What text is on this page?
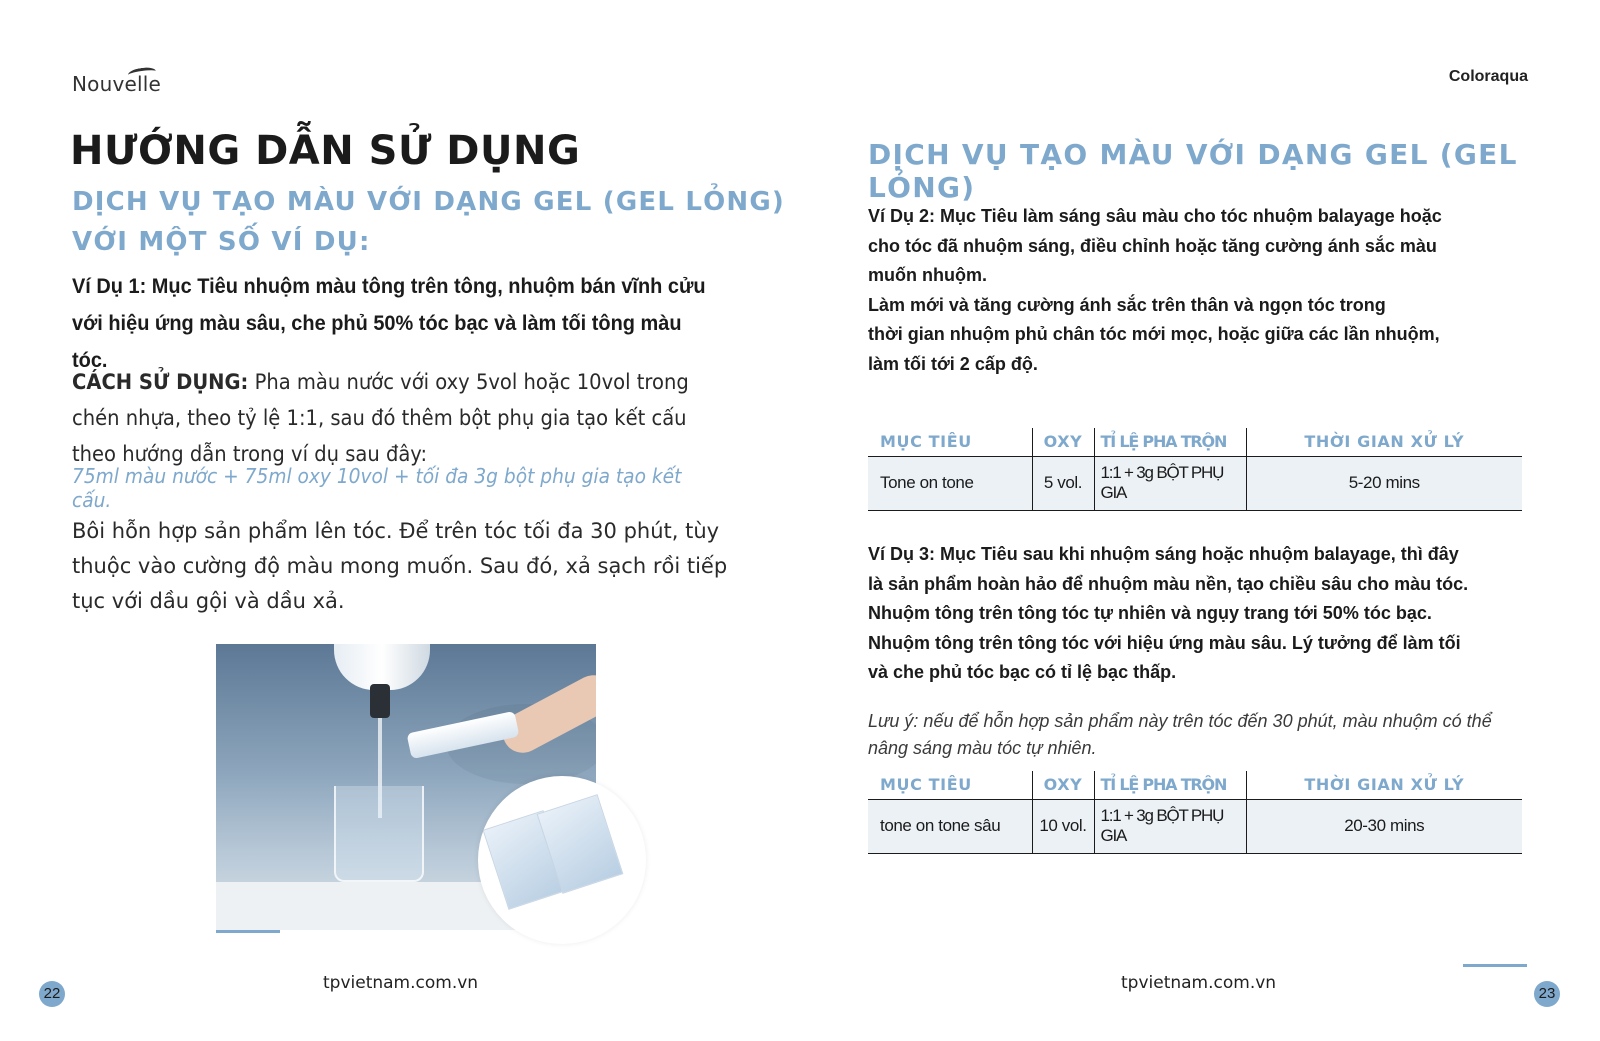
Nouvelle	Coloraqua
HƯỚNG DẪN SỬ DỤNG
DỊCH VỤ TẠO MÀU VỚI DẠNG GEL (GEL LỎNG)
VỚI MỘT SỐ VÍ DỤ:
Ví Dụ 1: Mục Tiêu nhuộm màu tông trên tông, nhuộm bán vĩnh cửu
với hiệu ứng màu sâu, che phủ 50% tóc bạc và làm tối tông màu tóc.
CÁCH SỬ DỤNG: Pha màu nước với oxy 5vol hoặc 10vol trong chén nhựa, theo tỷ lệ 1:1, sau đó thêm bột phụ gia tạo kết cấu theo hướng dẫn trong ví dụ sau đây:
75ml màu nước + 75ml oxy 10vol + tối đa 3g bột phụ gia tạo kết cấu.
Bôi hỗn hợp sản phẩm lên tóc. Để trên tóc tối đa 30 phút, tùy thuộc vào cường độ màu mong muốn. Sau đó, xả sạch rồi tiếp tục với dầu gội và dầu xả.
DỊCH VỤ TẠO MÀU VỚI DẠNG GEL (GEL LỎNG)

Ví Dụ 2: Mục Tiêu làm sáng sâu màu cho tóc nhuộm balayage hoặc

cho tóc đã nhuộm sáng, điều chỉnh hoặc tăng cường ánh sắc màu

muốn nhuộm.

Làm mới và tăng cường ánh sắc trên thân và ngọn tóc trong

thời gian nhuộm phủ chân tóc mới mọc, hoặc giữa các lần nhuộm,

làm tối tới 2 cấp độ.

MỤC TIÊU	OXY	TỈ LỆ PHA TRỘN	THỜI GIAN XỬ LÝ
Tone on tone	5 vol.	1:1 + 3g BỘT PHỤ GIA	5-20 mins
Ví Dụ 3: Mục Tiêu sau khi nhuộm sáng hoặc nhuộm balayage, thì đây
là sản phẩm hoàn hảo để nhuộm màu nền, tạo chiều sâu cho màu tóc.
Nhuộm tông trên tông tóc tự nhiên và ngụy trang tới 50% tóc bạc.
Nhuộm tông trên tông tóc với hiệu ứng màu sâu. Lý tưởng để làm tối
và che phủ tóc bạc có tỉ lệ bạc thấp.
Lưu ý: nếu để hỗn hợp sản phẩm này trên tóc đến 30 phút, màu nhuộm có thể
nâng sáng màu tóc tự nhiên.
MỤC TIÊU	OXY	TỈ LỆ PHA TRỘN	THỜI GIAN XỬ LÝ
tone on tone sâu	10 vol.	1:1 + 3g BỘT PHỤ GIA	20-30 mins
22
tpvietnam.com.vn	tpvietnam.com.vn
23
